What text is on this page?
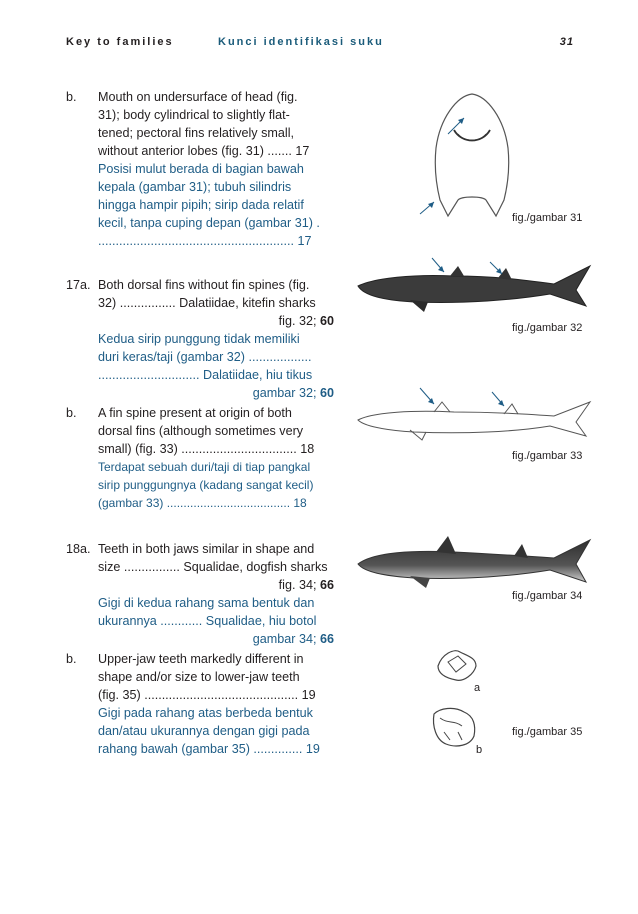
Key to families	Kunci identifikasi suku	31
b.	Mouth on undersurface of head (fig.
31); body cylindrical to slightly flat-
tened; pectoral fins relatively small,
without anterior lobes (fig. 31) ....... 17
Posisi mulut berada di bagian bawah
kepala (gambar 31); tubuh silindris
hingga hampir pipih; sirip dada relatif
kecil, tanpa cuping depan (gambar 31) .
........................................................ 17
17a. Both dorsal fins without fin spines (fig.
32) ................ Dalatiidae, kitefin sharks
fig. 32; 60
Kedua sirip punggung tidak memiliki
duri keras/taji (gambar 32) ..................
............................. Dalatiidae, hiu tikus
gambar 32; 60
b.	A fin spine present at origin of both
dorsal fins (although sometimes very
small) (fig. 33) ................................. 18
Terdapat sebuah duri/taji di tiap pangkal
sirip punggungnya (kadang sangat kecil)
(gambar 33) ..................................... 18
18a. Teeth in both jaws similar in shape and
size ................ Squalidae, dogfish sharks
fig. 34; 66
Gigi di kedua rahang sama bentuk dan
ukurannya ............ Squalidae, hiu botol
gambar 34; 66
b.	Upper-jaw teeth markedly different in
shape and/or size to lower-jaw teeth
(fig. 35) ............................................ 19
Gigi pada rahang atas berbeda bentuk
dan/atau ukurannya dengan gigi pada
rahang bawah (gambar 35) .............. 19
fig./gambar 31
fig./gambar 32
fig./gambar 33
fig./gambar 34
a
b
fig./gambar 35
